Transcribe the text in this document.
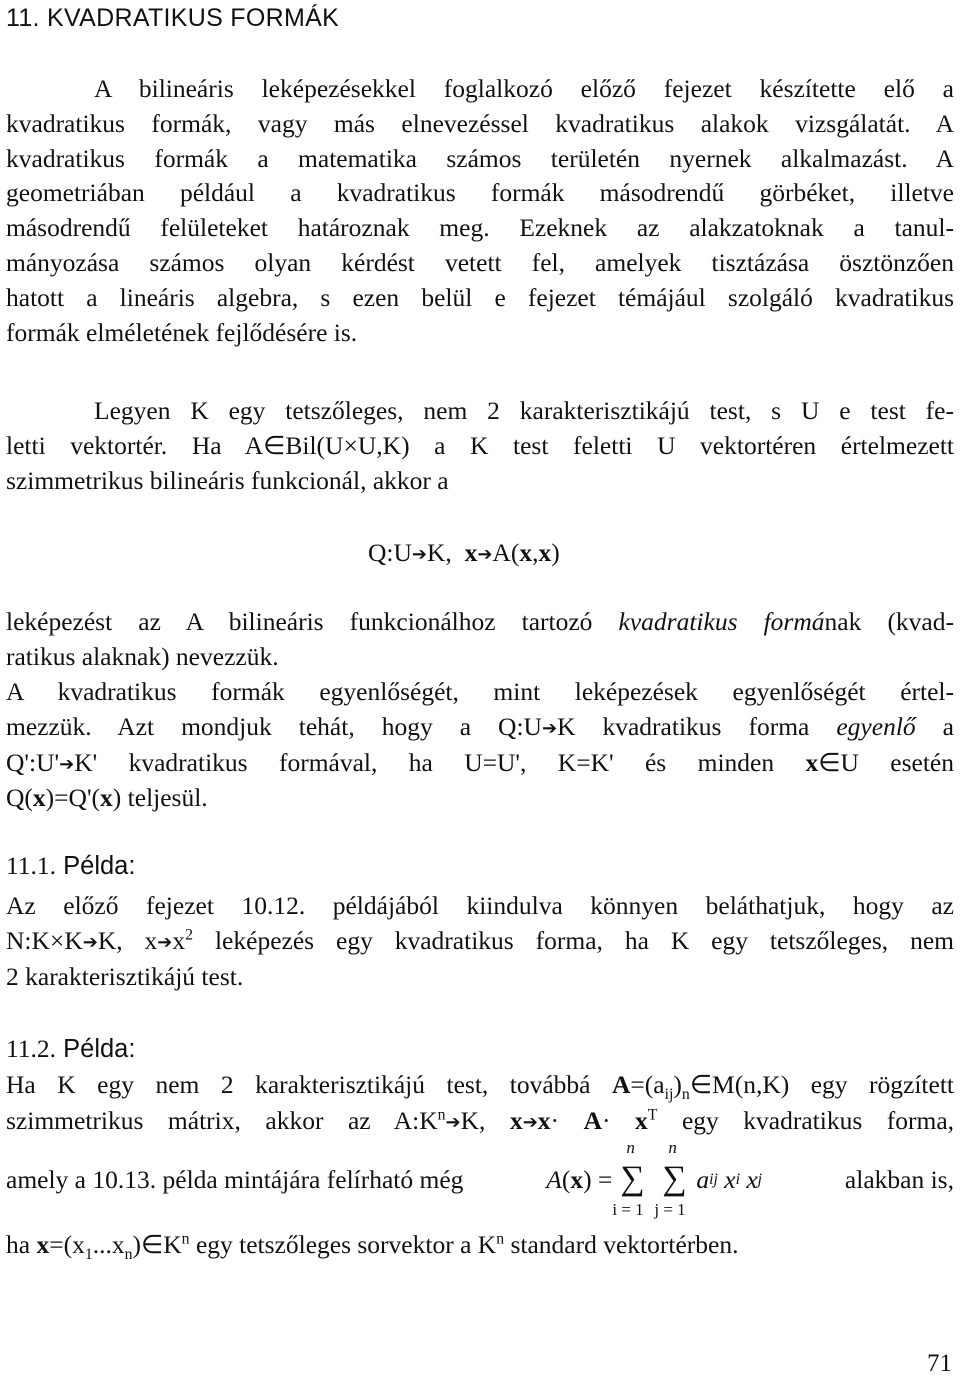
11. KVADRATIKUS FORMÁK

A bilineáris leképezésekkel foglalkozó előző fejezet készítette elő a
kvadratikus formák, vagy más elnevezéssel kvadratikus alakok vizsgálatát. A
kvadratikus formák a matematika számos területén nyernek alkalmazást. A
geometriában például a kvadratikus formák másodrendű görbéket, illetve
másodrendű felületeket határoznak meg. Ezeknek az alakzatoknak a tanul-
mányozása számos olyan kérdést vetett fel, amelyek tisztázása ösztönzően
hatott a lineáris algebra, s ezen belül e fejezet témájául szolgáló kvadratikus
formák elméletének fejlődésére is.

Legyen K egy tetszőleges, nem 2 karakterisztikájú test, s U e test fe-
letti vektortér. Ha A∈Bil(U×U,K) a K test feletti U vektortéren értelmezett
szimmetrikus bilineáris funkcionál, akkor a

Q:U➔K, x➔A(x,x)

leképezést az A bilineáris funkcionálhoz tartozó kvadratikus formának (kvad-
ratikus alaknak) nevezzük.

A kvadratikus formák egyenlőségét, mint leképezések egyenlőségét értel-
mezzük. Azt mondjuk tehát, hogy a Q:U➔K kvadratikus forma egyenlő a
Q':U'➔K' kvadratikus formával, ha U=U', K=K' és minden x∈U esetén
Q(x)=Q'(x) teljesül.

11.1. Példa:

Az előző fejezet 10.12. példájából kiindulva könnyen beláthatjuk, hogy az
N:K×K➔K, $x➔x^2$ leképezés egy kvadratikus forma, ha K egy tetszőleges, nem
2 karakterisztikájú test.

11.2. Példa:
Ha K egy nem 2 karakterisztikájú test, továbbá $A=(a_{ij})_n\in M(n,K)$ egy rögzített
szimmetrikus mátrix, akkor az $A:K^n➔K$, x➔x· $A\cdot x^T$ egy kvadratikus forma,
amely a 10.13. példa mintájára felírható még	A ( x ) =
n
∑
i = 1
n
∑
j = 1
a ij
x i
x j	alakban is,
ha $x=(x_1...x_n)\in K^n$ egy tetszőleges sorvektor a $K^n$ standard vektortérben.
71
